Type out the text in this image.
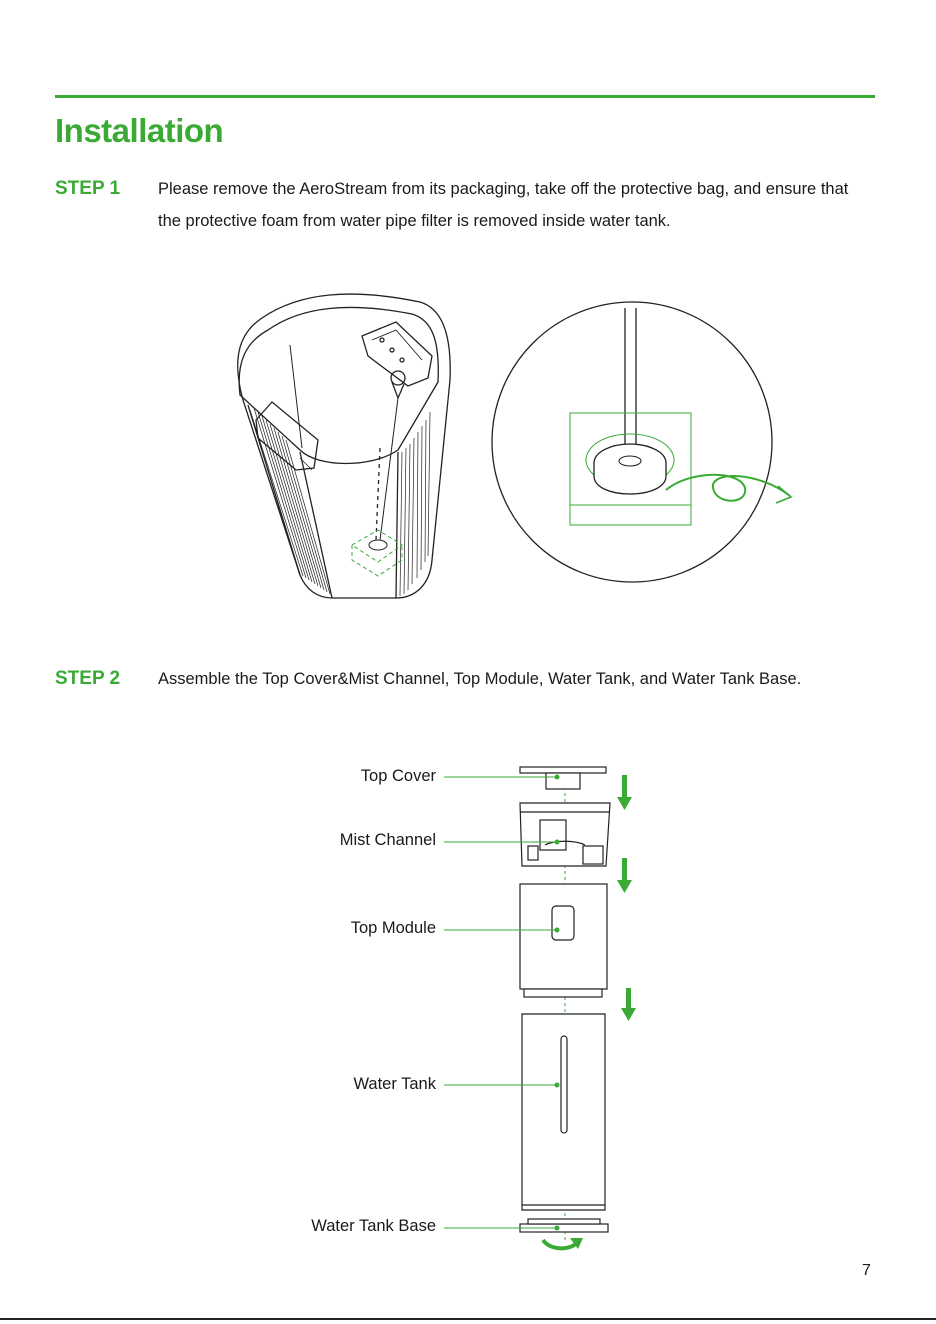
Installation
STEP 1 Please remove the AeroStream from its packaging, take off the protective bag, and ensure that the protective foam from water pipe filter is removed inside water tank.
STEP 2 Assemble the Top Cover&Mist Channel, Top Module, Water Tank, and Water Tank Base.
Top Cover
Mist Channel
Top Module
Water Tank
Water Tank Base
7
